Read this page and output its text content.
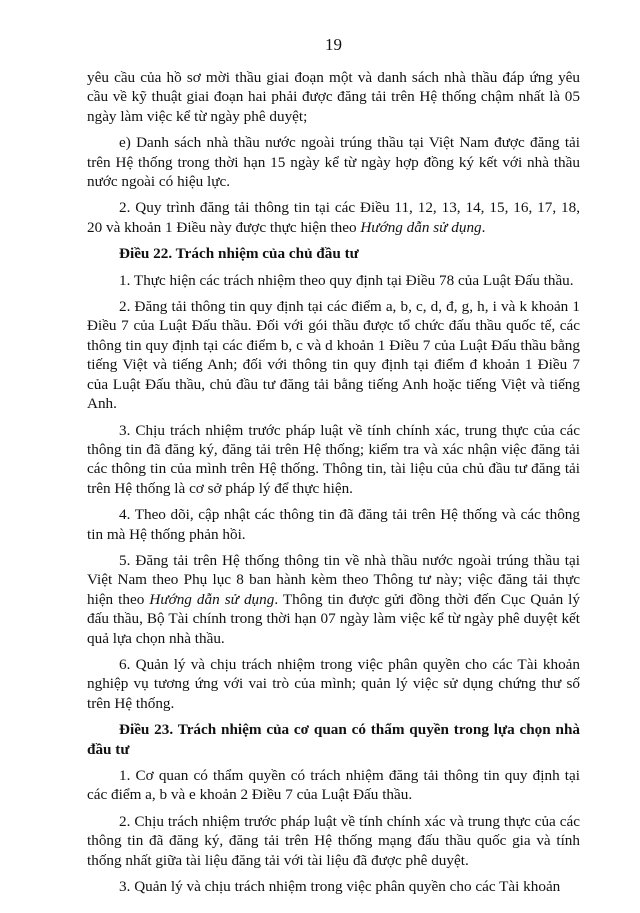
19

yêu cầu của hồ sơ mời thầu giai đoạn một và danh sách nhà thầu đáp ứng yêu cầu về kỹ thuật giai đoạn hai phải được đăng tải trên Hệ thống chậm nhất là 05 ngày làm việc kể từ ngày phê duyệt;

e) Danh sách nhà thầu nước ngoài trúng thầu tại Việt Nam được đăng tải trên Hệ thống trong thời hạn 15 ngày kể từ ngày hợp đồng ký kết với nhà thầu nước ngoài có hiệu lực.

2. Quy trình đăng tải thông tin tại các Điều 11, 12, 13, 14, 15, 16, 17, 18, 20 và khoản 1 Điều này được thực hiện theo Hướng dẫn sử dụng.

Điều 22. Trách nhiệm của chủ đầu tư

1. Thực hiện các trách nhiệm theo quy định tại Điều 78 của Luật Đấu thầu.

2. Đăng tải thông tin quy định tại các điểm a, b, c, d, đ, g, h, i và k khoản 1 Điều 7 của Luật Đấu thầu. Đối với gói thầu được tổ chức đấu thầu quốc tế, các thông tin quy định tại các điểm b, c và d khoản 1 Điều 7 của Luật Đấu thầu bằng tiếng Việt và tiếng Anh; đối với thông tin quy định tại điểm đ khoản 1 Điều 7 của Luật Đấu thầu, chủ đầu tư đăng tải bằng tiếng Anh hoặc tiếng Việt và tiếng Anh.

3. Chịu trách nhiệm trước pháp luật về tính chính xác, trung thực của các thông tin đã đăng ký, đăng tải trên Hệ thống; kiểm tra và xác nhận việc đăng tải các thông tin của mình trên Hệ thống. Thông tin, tài liệu của chủ đầu tư đăng tải trên Hệ thống là cơ sở pháp lý để thực hiện.

4. Theo dõi, cập nhật các thông tin đã đăng tải trên Hệ thống và các thông tin mà Hệ thống phản hồi.

5. Đăng tải trên Hệ thống thông tin về nhà thầu nước ngoài trúng thầu tại Việt Nam theo Phụ lục 8 ban hành kèm theo Thông tư này; việc đăng tải thực hiện theo Hướng dẫn sử dụng. Thông tin được gửi đồng thời đến Cục Quản lý đấu thầu, Bộ Tài chính trong thời hạn 07 ngày làm việc kể từ ngày phê duyệt kết quả lựa chọn nhà thầu.

6. Quản lý và chịu trách nhiệm trong việc phân quyền cho các Tài khoản nghiệp vụ tương ứng với vai trò của mình; quản lý việc sử dụng chứng thư số trên Hệ thống.

Điều 23. Trách nhiệm của cơ quan có thẩm quyền trong lựa chọn nhà đầu tư

1. Cơ quan có thẩm quyền có trách nhiệm đăng tải thông tin quy định tại các điểm a, b và e khoản 2 Điều 7 của Luật Đấu thầu.

2. Chịu trách nhiệm trước pháp luật về tính chính xác và trung thực của các thông tin đã đăng ký, đăng tải trên Hệ thống mạng đấu thầu quốc gia và tính thống nhất giữa tài liệu đăng tải với tài liệu đã được phê duyệt.

3. Quản lý và chịu trách nhiệm trong việc phân quyền cho các Tài khoản
